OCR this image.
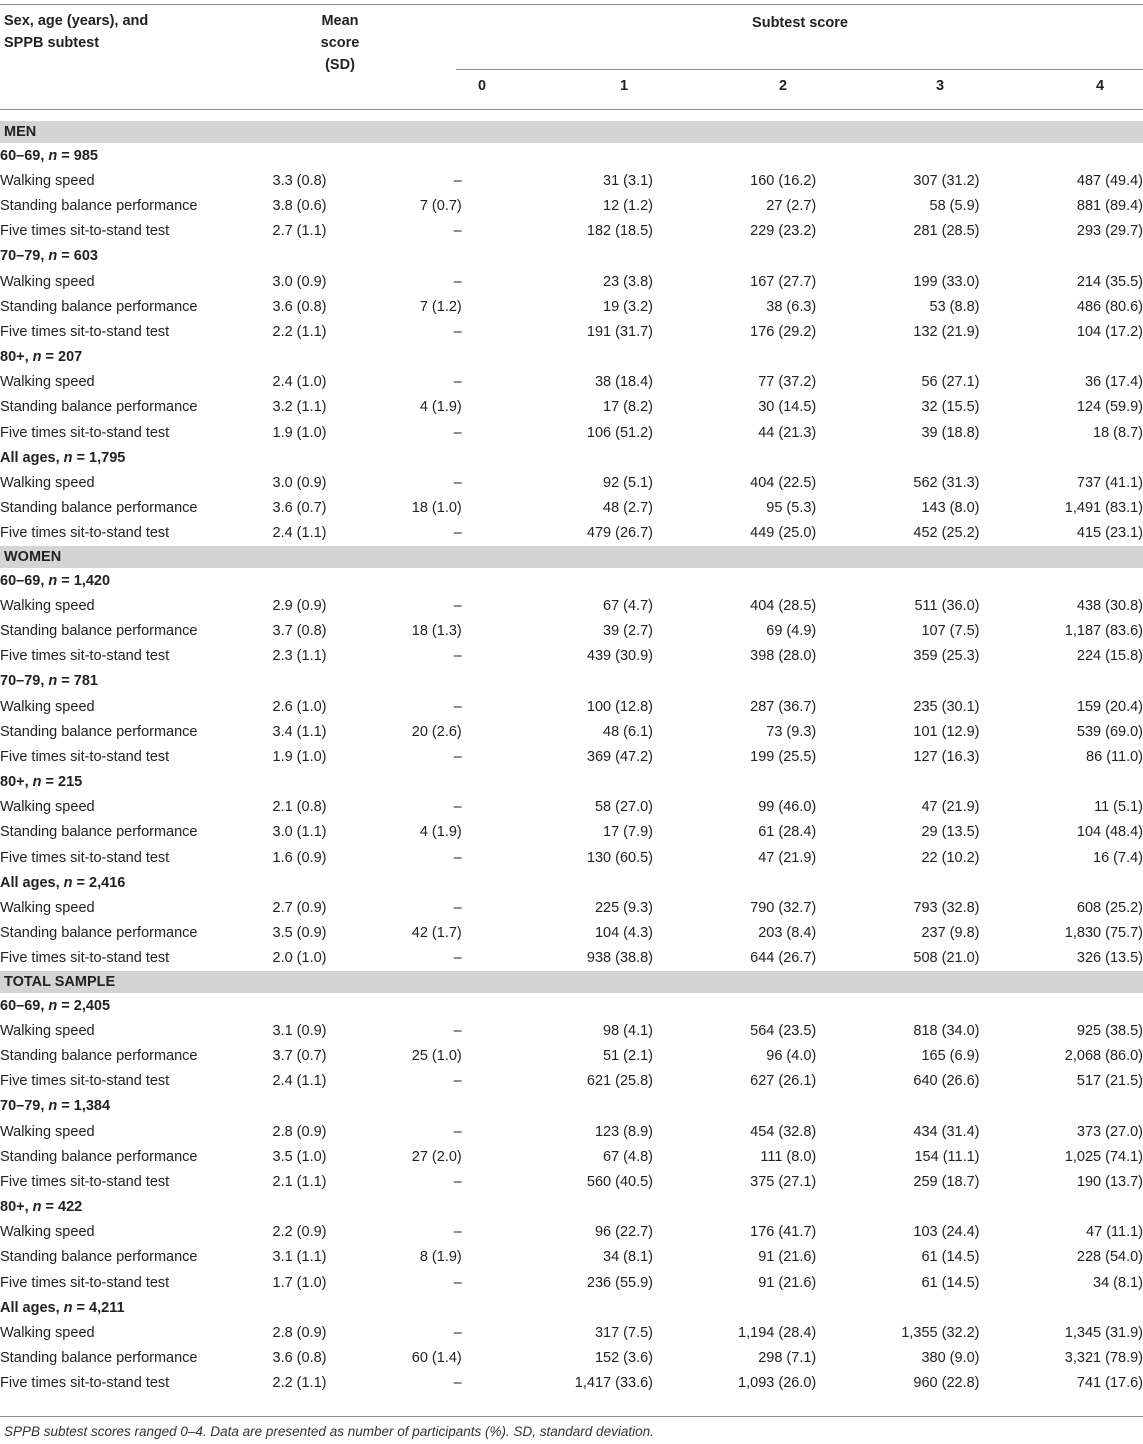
Sex, age (years), and
SPPB subtest
Mean
score
(SD)
Subtest score
0	1	2	3	4
MEN						
60–69, n = 985						
Walking speed	3.3 (0.8)	–	31 (3.1)	160 (16.2)	307 (31.2)	487 (49.4)
Standing balance performance	3.8 (0.6)	7 (0.7)	12 (1.2)	27 (2.7)	58 (5.9)	881 (89.4)
Five times sit-to-stand test	2.7 (1.1)	–	182 (18.5)	229 (23.2)	281 (28.5)	293 (29.7)
70–79, n = 603						
Walking speed	3.0 (0.9)	–	23 (3.8)	167 (27.7)	199 (33.0)	214 (35.5)
Standing balance performance	3.6 (0.8)	7 (1.2)	19 (3.2)	38 (6.3)	53 (8.8)	486 (80.6)
Five times sit-to-stand test	2.2 (1.1)	–	191 (31.7)	176 (29.2)	132 (21.9)	104 (17.2)
80+, n = 207						
Walking speed	2.4 (1.0)	–	38 (18.4)	77 (37.2)	56 (27.1)	36 (17.4)
Standing balance performance	3.2 (1.1)	4 (1.9)	17 (8.2)	30 (14.5)	32 (15.5)	124 (59.9)
Five times sit-to-stand test	1.9 (1.0)	–	106 (51.2)	44 (21.3)	39 (18.8)	18 (8.7)
All ages, n = 1,795						
Walking speed	3.0 (0.9)	–	92 (5.1)	404 (22.5)	562 (31.3)	737 (41.1)
Standing balance performance	3.6 (0.7)	18 (1.0)	48 (2.7)	95 (5.3)	143 (8.0)	1,491 (83.1)
Five times sit-to-stand test	2.4 (1.1)	–	479 (26.7)	449 (25.0)	452 (25.2)	415 (23.1)
WOMEN						
60–69, n = 1,420						
Walking speed	2.9 (0.9)	–	67 (4.7)	404 (28.5)	511 (36.0)	438 (30.8)
Standing balance performance	3.7 (0.8)	18 (1.3)	39 (2.7)	69 (4.9)	107 (7.5)	1,187 (83.6)
Five times sit-to-stand test	2.3 (1.1)	–	439 (30.9)	398 (28.0)	359 (25.3)	224 (15.8)
70–79, n = 781						
Walking speed	2.6 (1.0)	–	100 (12.8)	287 (36.7)	235 (30.1)	159 (20.4)
Standing balance performance	3.4 (1.1)	20 (2.6)	48 (6.1)	73 (9.3)	101 (12.9)	539 (69.0)
Five times sit-to-stand test	1.9 (1.0)	–	369 (47.2)	199 (25.5)	127 (16.3)	86 (11.0)
80+, n = 215						
Walking speed	2.1 (0.8)	–	58 (27.0)	99 (46.0)	47 (21.9)	11 (5.1)
Standing balance performance	3.0 (1.1)	4 (1.9)	17 (7.9)	61 (28.4)	29 (13.5)	104 (48.4)
Five times sit-to-stand test	1.6 (0.9)	–	130 (60.5)	47 (21.9)	22 (10.2)	16 (7.4)
All ages, n = 2,416						
Walking speed	2.7 (0.9)	–	225 (9.3)	790 (32.7)	793 (32.8)	608 (25.2)
Standing balance performance	3.5 (0.9)	42 (1.7)	104 (4.3)	203 (8.4)	237 (9.8)	1,830 (75.7)
Five times sit-to-stand test	2.0 (1.0)	–	938 (38.8)	644 (26.7)	508 (21.0)	326 (13.5)
TOTAL SAMPLE						
60–69, n = 2,405						
Walking speed	3.1 (0.9)	–	98 (4.1)	564 (23.5)	818 (34.0)	925 (38.5)
Standing balance performance	3.7 (0.7)	25 (1.0)	51 (2.1)	96 (4.0)	165 (6.9)	2,068 (86.0)
Five times sit-to-stand test	2.4 (1.1)	–	621 (25.8)	627 (26.1)	640 (26.6)	517 (21.5)
70–79, n = 1,384						
Walking speed	2.8 (0.9)	–	123 (8.9)	454 (32.8)	434 (31.4)	373 (27.0)
Standing balance performance	3.5 (1.0)	27 (2.0)	67 (4.8)	111 (8.0)	154 (11.1)	1,025 (74.1)
Five times sit-to-stand test	2.1 (1.1)	–	560 (40.5)	375 (27.1)	259 (18.7)	190 (13.7)
80+, n = 422						
Walking speed	2.2 (0.9)	–	96 (22.7)	176 (41.7)	103 (24.4)	47 (11.1)
Standing balance performance	3.1 (1.1)	8 (1.9)	34 (8.1)	91 (21.6)	61 (14.5)	228 (54.0)
Five times sit-to-stand test	1.7 (1.0)	–	236 (55.9)	91 (21.6)	61 (14.5)	34 (8.1)
All ages, n = 4,211						
Walking speed	2.8 (0.9)	–	317 (7.5)	1,194 (28.4)	1,355 (32.2)	1,345 (31.9)
Standing balance performance	3.6 (0.8)	60 (1.4)	152 (3.6)	298 (7.1)	380 (9.0)	3,321 (78.9)
Five times sit-to-stand test	2.2 (1.1)	–	1,417 (33.6)	1,093 (26.0)	960 (22.8)	741 (17.6)
SPPB subtest scores ranged 0–4. Data are presented as number of participants (%). SD, standard deviation.
